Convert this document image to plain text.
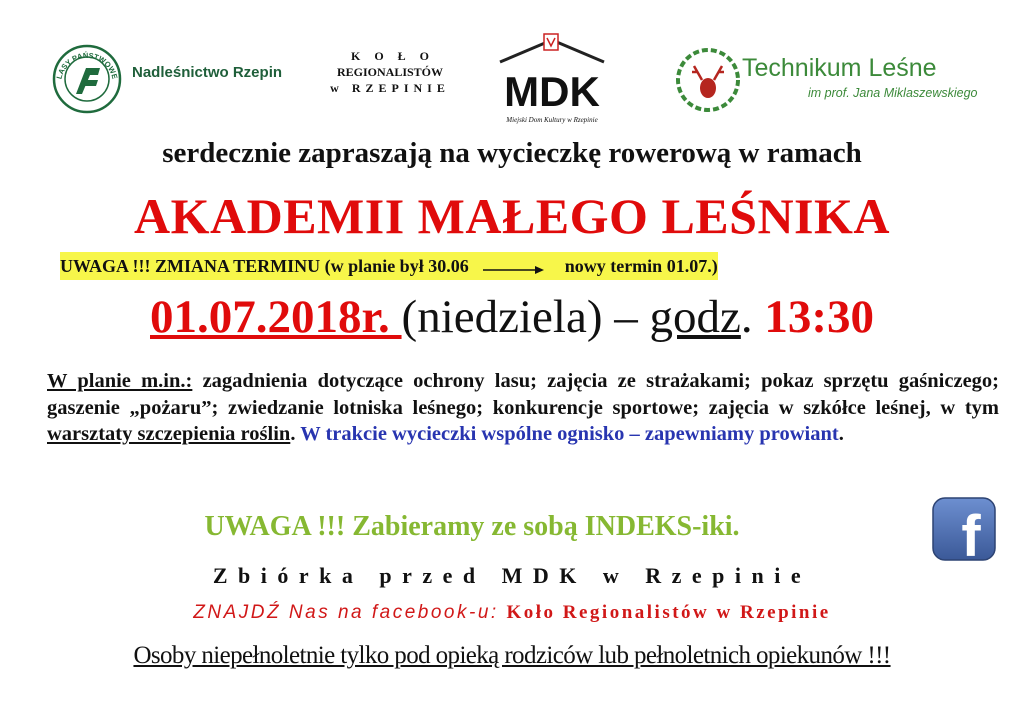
LASY PAŃSTWOWE Nadleśnictwo Rzepin
KOŁO
REGIONALISTÓW
w RZEPINIE MDK
Miejski Dom Kultury w Rzepinie
Technikum Leśne
im prof. Jana Miklaszewskiego
serdecznie zapraszają na wycieczkę rowerową w ramach
AKADEMII MAŁEGO LEŚNIKA
UWAGA !!! ZMIANA TERMINU (w planie był 30.06	nowy termin 01.07.)
01.07.2018r. (niedziela) – godz. 13:30
W planie m.in.: zagadnienia dotyczące ochrony lasu; zajęcia ze strażakami; pokaz sprzętu gaśniczego; gaszenie „pożaru”; zwiedzanie lotniska leśnego; konkurencje sportowe; zajęcia w szkółce leśnej, w tym warsztaty szczepienia roślin. W trakcie wycieczki wspólne ognisko – zapewniamy prowiant.
UWAGA !!! Zabieramy ze sobą INDEKS-iki.	f
Zbiórka przed MDK w Rzepinie
ZNAJDŹ Nas na facebook-u: Koło Regionalistów w Rzepinie
Osoby niepełnoletnie tylko pod opieką rodziców lub pełnoletnich opiekunów !!!
